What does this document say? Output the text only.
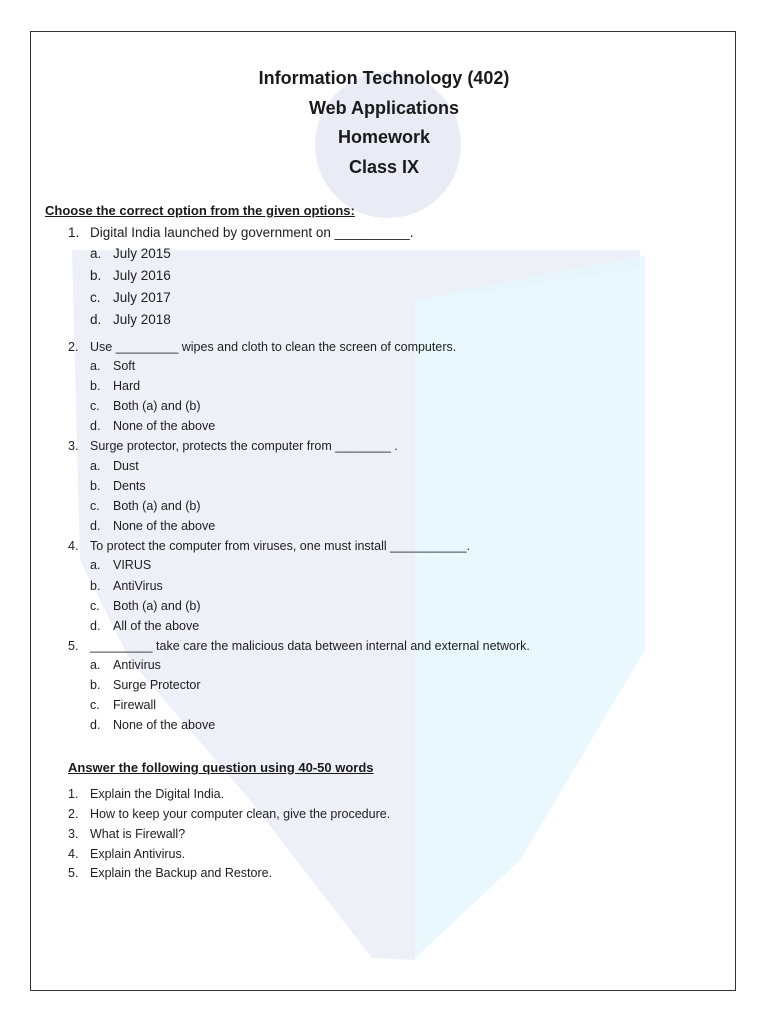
Information Technology (402)
Web Applications
Homework
Class IX
Choose the correct option from the given options:
1. Digital India launched by government on __________.
a. July 2015
b. July 2016
c. July 2017
d. July 2018
2. Use _________ wipes and cloth to clean the screen of computers.
a. Soft
b. Hard
c. Both (a) and (b)
d. None of the above
3. Surge protector, protects the computer from ________ .
a. Dust
b. Dents
c. Both (a) and (b)
d. None of the above
4. To protect the computer from viruses, one must install ___________.
a. VIRUS
b. AntiVirus
c. Both (a) and (b)
d. All of the above
5. _________ take care the malicious data between internal and external network.
a. Antivirus
b. Surge Protector
c. Firewall
d. None of the above
Answer the following question using 40-50 words
1. Explain the Digital India.
2. How to keep your computer clean, give the procedure.
3. What is Firewall?
4. Explain Antivirus.
5. Explain the Backup and Restore.
